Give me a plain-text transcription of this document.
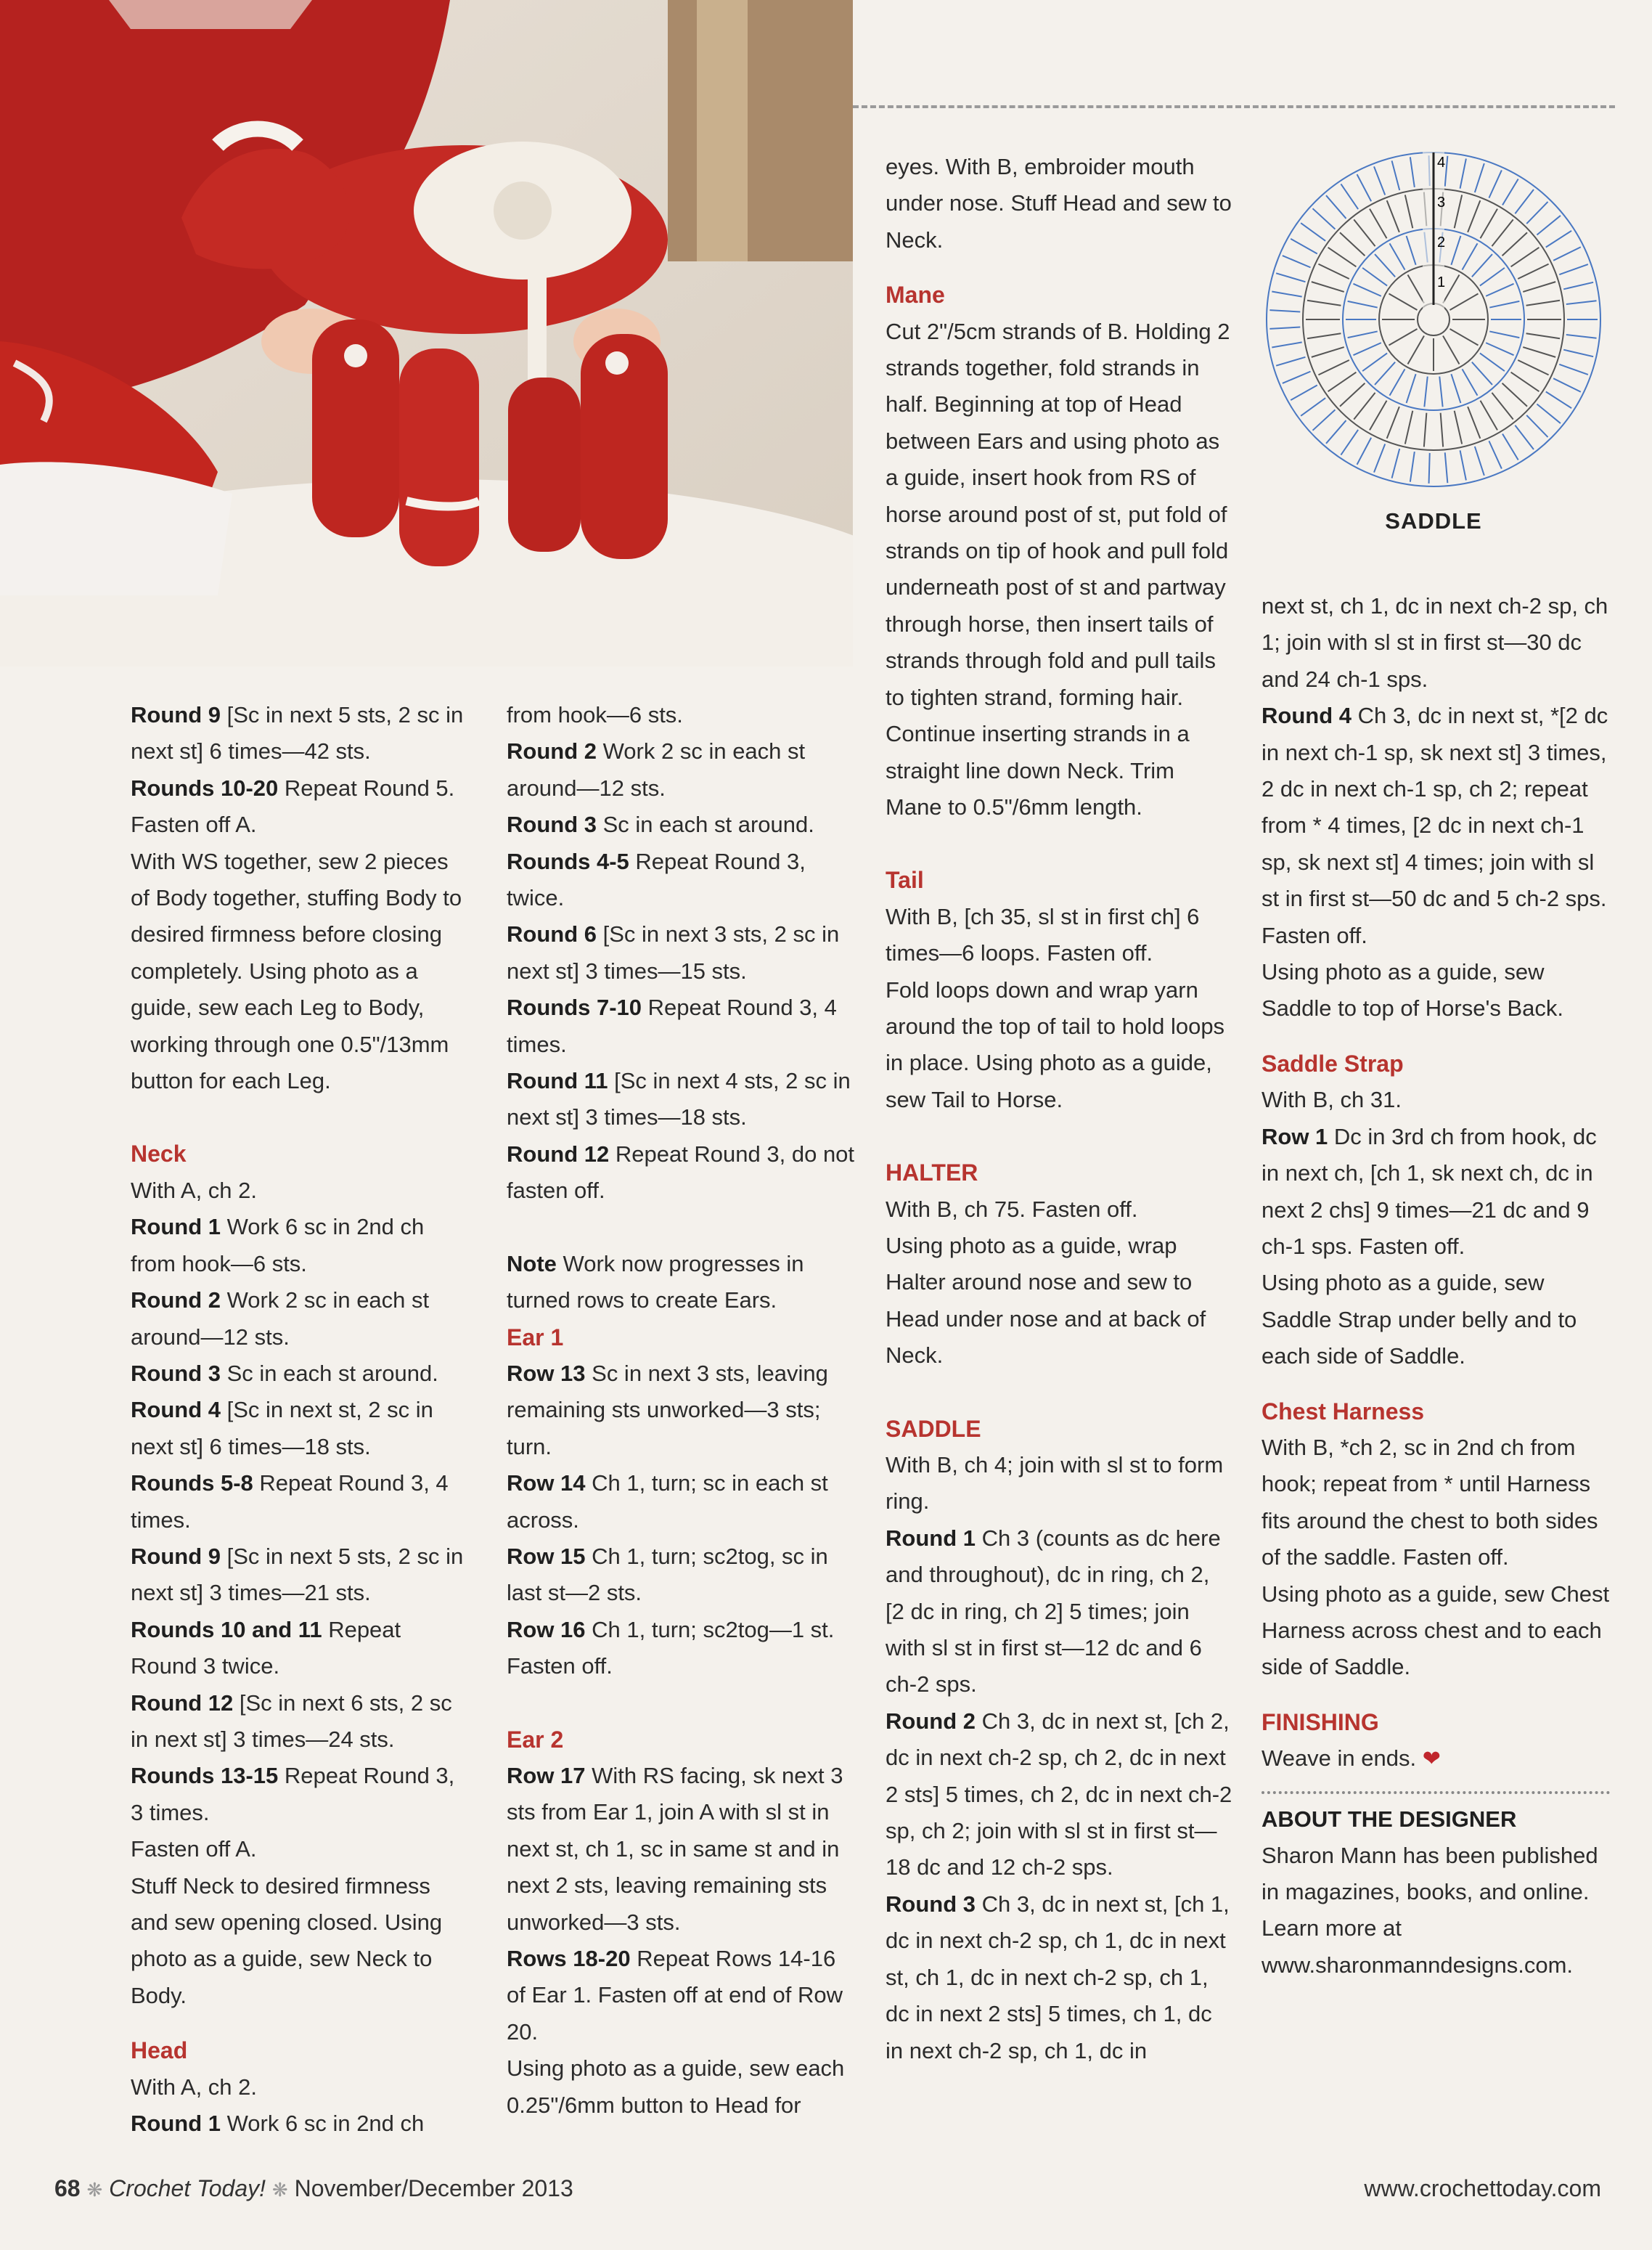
4
3
2
1
SADDLE

Round 9 [Sc in next 5 sts, 2 sc in next st] 6 times—42 sts.

Rounds 10-20 Repeat Round 5. Fasten off A.

With WS together, sew 2 pieces of Body together, stuffing Body to desired firmness before closing completely. Using photo as a guide, sew each Leg to Body, working through one 0.5"/13mm button for each Leg.

Neck

With A, ch 2.

Round 1 Work 6 sc in 2nd ch from hook—6 sts.

Round 2 Work 2 sc in each st around—12 sts.

Round 3 Sc in each st around.

Round 4 [Sc in next st, 2 sc in next st] 6 times—18 sts.

Rounds 5-8 Repeat Round 3, 4 times.

Round 9 [Sc in next 5 sts, 2 sc in next st] 3 times—21 sts.

Rounds 10 and 11 Repeat Round 3 twice.

Round 12 [Sc in next 6 sts, 2 sc in next st] 3 times—24 sts.

Rounds 13-15 Repeat Round 3, 3 times.

Fasten off A.

Stuff Neck to desired firmness and sew opening closed. Using photo as a guide, sew Neck to Body.

Head

With A, ch 2.

Round 1 Work 6 sc in 2nd ch

from hook—6 sts.

Round 2 Work 2 sc in each st around—12 sts.

Round 3 Sc in each st around.

Rounds 4-5 Repeat Round 3, twice.

Round 6 [Sc in next 3 sts, 2 sc in next st] 3 times—15 sts.

Rounds 7-10 Repeat Round 3, 4 times.

Round 11 [Sc in next 4 sts, 2 sc in next st] 3 times—18 sts.

Round 12 Repeat Round 3, do not fasten off.

Note Work now progresses in turned rows to create Ears.

Ear 1

Row 13 Sc in next 3 sts, leaving remaining sts unworked—3 sts; turn.

Row 14 Ch 1, turn; sc in each st across.

Row 15 Ch 1, turn; sc2tog, sc in last st—2 sts.

Row 16 Ch 1, turn; sc2tog—1 st. Fasten off.

Ear 2

Row 17 With RS facing, sk next 3 sts from Ear 1, join A with sl st in next st, ch 1, sc in same st and in next 2 sts, leaving remaining sts unworked—3 sts.

Rows 18-20 Repeat Rows 14-16 of Ear 1. Fasten off at end of Row 20.

Using photo as a guide, sew each 0.25"/6mm button to Head for

eyes. With B, embroider mouth under nose. Stuff Head and sew to Neck.

Mane

Cut 2"/5cm strands of B. Holding 2 strands together, fold strands in half. Beginning at top of Head between Ears and using photo as a guide, insert hook from RS of horse around post of st, put fold of strands on tip of hook and pull fold underneath post of st and partway through horse, then insert tails of strands through fold and pull tails to tighten strand, forming hair. Continue inserting strands in a straight line down Neck. Trim Mane to 0.5"/6mm length.

Tail

With B, [ch 35, sl st in first ch] 6 times—6 loops. Fasten off.

Fold loops down and wrap yarn around the top of tail to hold loops in place. Using photo as a guide, sew Tail to Horse.

HALTER

With B, ch 75. Fasten off.

Using photo as a guide, wrap Halter around nose and sew to Head under nose and at back of Neck.

SADDLE

With B, ch 4; join with sl st to form ring.

Round 1 Ch 3 (counts as dc here and throughout), dc in ring, ch 2, [2 dc in ring, ch 2] 5 times; join with sl st in first st—12 dc and 6 ch-2 sps.

Round 2 Ch 3, dc in next st, [ch 2, dc in next ch-2 sp, ch 2, dc in next 2 sts] 5 times, ch 2, dc in next ch-2 sp, ch 2; join with sl st in first st—18 dc and 12 ch-2 sps.

Round 3 Ch 3, dc in next st, [ch 1, dc in next ch-2 sp, ch 1, dc in next st, ch 1, dc in next ch-2 sp, ch 1, dc in next 2 sts] 5 times, ch 1, dc in next ch-2 sp, ch 1, dc in

next st, ch 1, dc in next ch-2 sp, ch 1; join with sl st in first st—30 dc and 24 ch-1 sps.

Round 4 Ch 3, dc in next st, *[2 dc in next ch-1 sp, sk next st] 3 times, 2 dc in next ch-1 sp, ch 2; repeat from * 4 times, [2 dc in next ch-1 sp, sk next st] 4 times; join with sl st in first st—50 dc and 5 ch-2 sps.

Fasten off.

Using photo as a guide, sew Saddle to top of Horse's Back.

Saddle Strap

With B, ch 31.

Row 1 Dc in 3rd ch from hook, dc in next ch, [ch 1, sk next ch, dc in next 2 chs] 9 times—21 dc and 9 ch-1 sps. Fasten off.

Using photo as a guide, sew Saddle Strap under belly and to each side of Saddle.

Chest Harness

With B, *ch 2, sc in 2nd ch from hook; repeat from * until Harness fits around the chest to both sides of the saddle. Fasten off.

Using photo as a guide, sew Chest Harness across chest and to each side of Saddle.

FINISHING

Weave in ends. ❤

ABOUT THE DESIGNER

Sharon Mann has been published in magazines, books, and online. Learn more at www.sharonmanndesigns.com.

68 ❋ Crochet Today! ❋ November/December 2013	www.crochettoday.com
